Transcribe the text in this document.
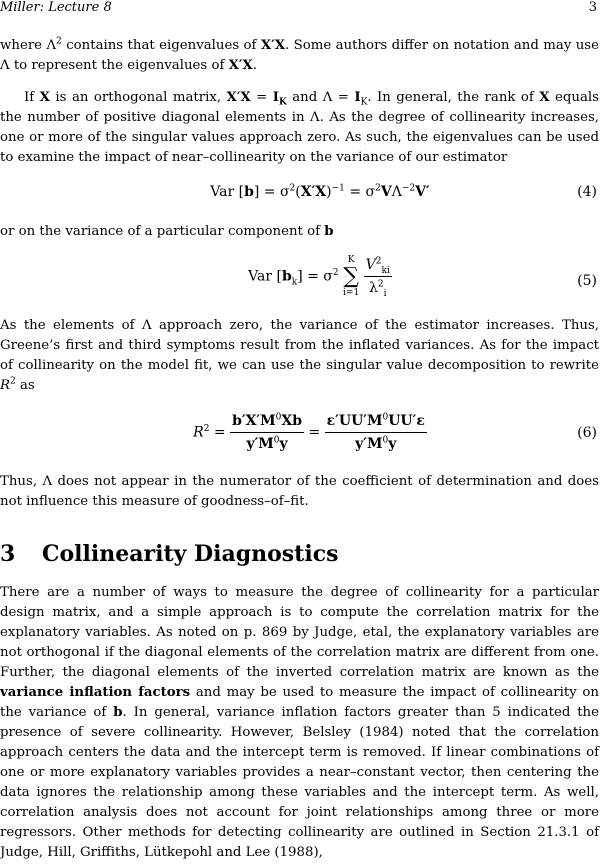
Miller: Lecture 8	3
where $\Lambda^2$ contains that eigenvalues of X′X. Some authors differ on notation and may use Λ to represent the eigenvalues of X′X.
If X is an orthogonal matrix, $X'X = I_K$ and $\Lambda = I_K$. In general, the rank of X equals the number of positive diagonal elements in Λ. As the degree of collinearity increases, one or more of the singular values approach zero. As such, the eigenvalues can be used to examine the impact of near–collinearity on the variance of our estimator
Var $[b] = \sigma^2(X'X)^{-1} = \sigma^2V\Lambda^{-2}V'$	(4)
or on the variance of a particular component of b
Var $[b_k] = \sigma^2$
K
∑
i=1
$\frac{V^2_{ki}}{\lambda^2_i}$	(5)
As the elements of Λ approach zero, the variance of the estimator increases. Thus, Greene’s first and third symptoms result from the inflated variances. As for the impact of collinearity on the model fit, we can use the singular value decomposition to rewrite $R^2$ as
$R^2 = \frac{b'X'M^0Xb}{y'M^0y} = \frac{\varepsilon'UU'M^0UU'\varepsilon}{y'M^0y}$	(6)
Thus, Λ does not appear in the numerator of the coefficient of determination and does not influence this measure of goodness–of–fit.
3 Collinearity Diagnostics
There are a number of ways to measure the degree of collinearity for a particular design matrix, and a simple approach is to compute the correlation matrix for the explanatory variables. As noted on p. 869 by Judge, etal, the explanatory variables are not orthogonal if the diagonal elements of the correlation matrix are different from one. Further, the diagonal elements of the inverted correlation matrix are known as the variance inflation factors and may be used to measure the impact of collinearity on the variance of b. In general, variance inflation factors greater than 5 indicated the presence of severe collinearity. However, Belsley (1984) noted that the correlation approach centers the data and the intercept term is removed. If linear combinations of one or more explanatory variables provides a near–constant vector, then centering the data ignores the relationship among these variables and the intercept term. As well, correlation analysis does not account for joint relationships among three or more regressors. Other methods for detecting collinearity are outlined in Section 21.3.1 of Judge, Hill, Griffiths, Lütkepohl and Lee (1988),
